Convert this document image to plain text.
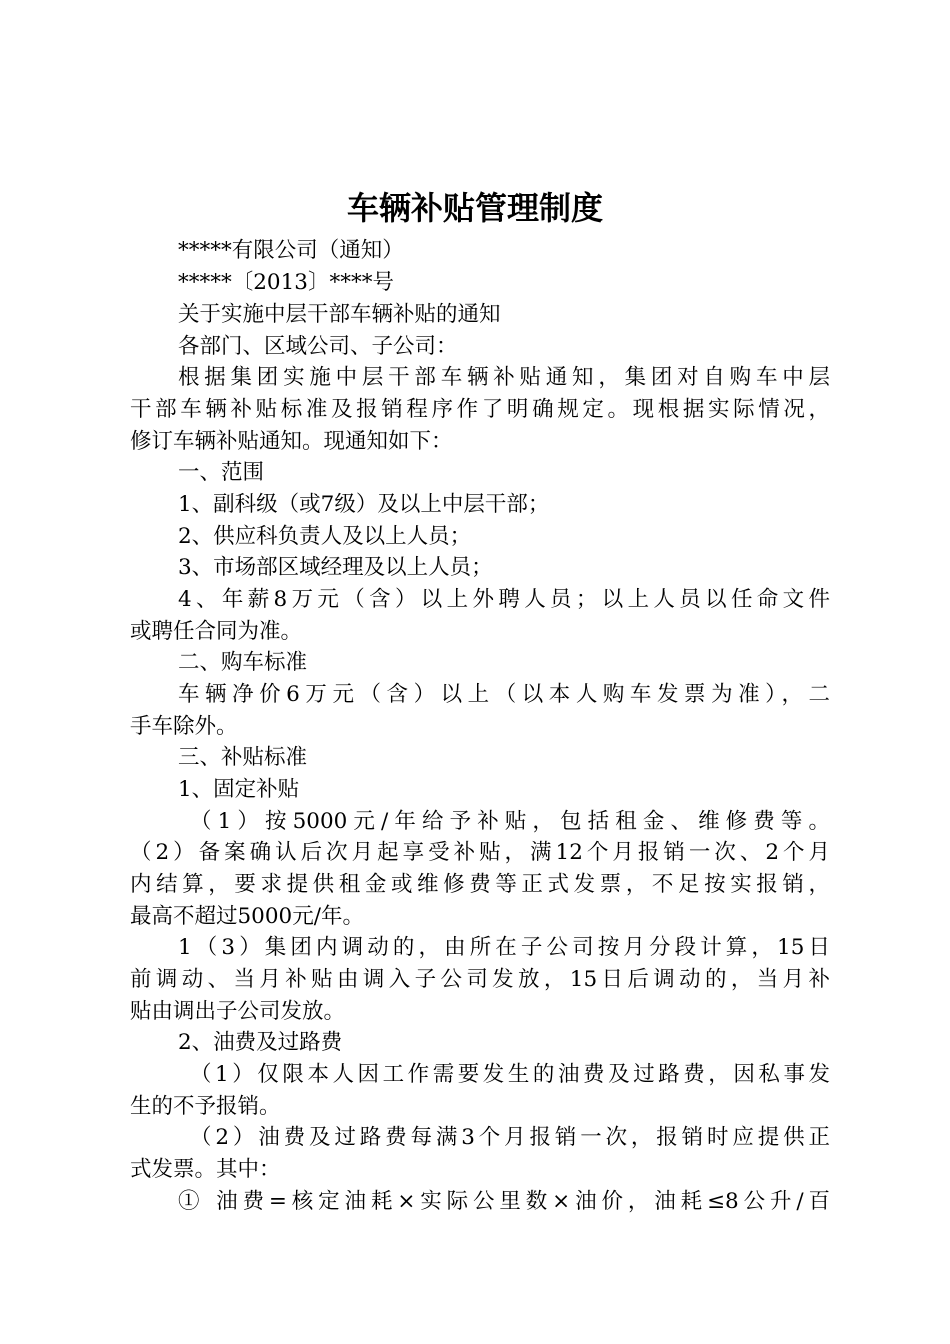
车辆补贴管理制度
*****有限公司（通知）
*****〔2013〕****号
关于实施中层干部车辆补贴的通知
各部门、区域公司、子公司：
根据集团实施中层干部车辆补贴通知，集团对自购车中层
干部车辆补贴标准及报销程序作了明确规定。现根据实际情况，
修订车辆补贴通知。现通知如下：
一、范围
1、副科级（或7级）及以上中层干部；
2、供应科负责人及以上人员；
3、市场部区域经理及以上人员；
4、年薪8万元（含）以上外聘人员；以上人员以任命文件
或聘任合同为准。
二、购车标准
车辆净价6万元（含）以上（以本人购车发票为准），二
手车除外。
三、补贴标准
1、固定补贴
（1）按5000元/年给予补贴，包括租金、维修费等。
（2）备案确认后次月起享受补贴，满12个月报销一次、2个月
内结算，要求提供租金或维修费等正式发票，不足按实报销，
最高不超过5000元/年。
1（3）集团内调动的，由所在子公司按月分段计算，15日
前调动、当月补贴由调入子公司发放，15日后调动的，当月补
贴由调出子公司发放。
2、油费及过路费
（1）仅限本人因工作需要发生的油费及过路费，因私事发
生的不予报销。
（2）油费及过路费每满3个月报销一次，报销时应提供正
式发票。其中：
① 油费=核定油耗×实际公里数×油价，油耗≤8公升/百
